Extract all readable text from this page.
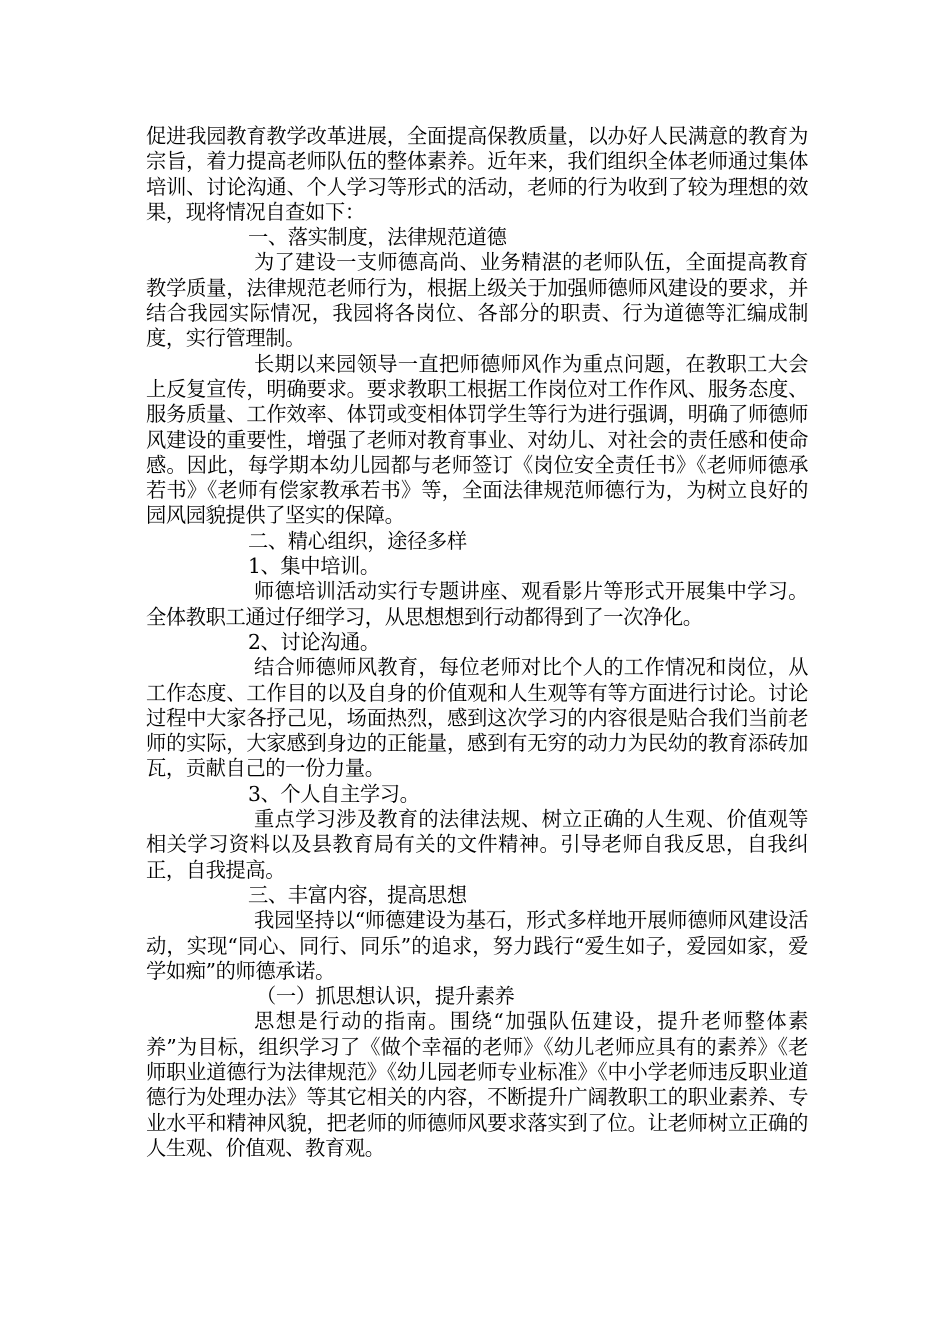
促进我园教育教学改革进展，全面提高保教质量，以办好人民满意的教育为宗旨，着力提高老师队伍的整体素养。近年来，我们组织全体老师通过集体培训、讨论沟通、个人学习等形式的活动，老师的行为收到了较为理想的效果，现将情况自查如下：

一、落实制度，法律规范道德

为了建设一支师德高尚、业务精湛的老师队伍，全面提高教育教学质量，法律规范老师行为，根据上级关于加强师德师风建设的要求，并结合我园实际情况，我园将各岗位、各部分的职责、行为道德等汇编成制度，实行管理制。

长期以来园领导一直把师德师风作为重点问题，在教职工大会上反复宣传，明确要求。要求教职工根据工作岗位对工作作风、服务态度、服务质量、工作效率、体罚或变相体罚学生等行为进行强调，明确了师德师风建设的重要性，增强了老师对教育事业、对幼儿、对社会的责任感和使命感。因此，每学期本幼儿园都与老师签订《岗位安全责任书》《老师师德承若书》《老师有偿家教承若书》等，全面法律规范师德行为，为树立良好的园风园貌提供了坚实的保障。

二、精心组织，途径多样

1、集中培训。

师德培训活动实行专题讲座、观看影片等形式开展集中学习。全体教职工通过仔细学习，从思想想到行动都得到了一次净化。

2、讨论沟通。

结合师德师风教育，每位老师对比个人的工作情况和岗位，从工作态度、工作目的以及自身的价值观和人生观等有等方面进行讨论。讨论过程中大家各抒己见，场面热烈，感到这次学习的内容很是贴合我们当前老师的实际，大家感到身边的正能量，感到有无穷的动力为民幼的教育添砖加瓦，贡献自己的一份力量。

3、个人自主学习。

重点学习涉及教育的法律法规、树立正确的人生观、价值观等相关学习资料以及县教育局有关的文件精神。引导老师自我反思，自我纠正，自我提高。

三、丰富内容，提高思想

我园坚持以“师德建设为基石，形式多样地开展师德师风建设活动，实现“同心、同行、同乐”的追求，努力践行“爱生如子，爱园如家，爱学如痴”的师德承诺。

（一）抓思想认识，提升素养

思想是行动的指南。围绕“加强队伍建设，提升老师整体素养”为目标，组织学习了《做个幸福的老师》《幼儿老师应具有的素养》《老师职业道德行为法律规范》《幼儿园老师专业标准》《中小学老师违反职业道德行为处理办法》等其它相关的内容，不断提升广阔教职工的职业素养、专业水平和精神风貌，把老师的师德师风要求落实到了位。让老师树立正确的人生观、价值观、教育观。
